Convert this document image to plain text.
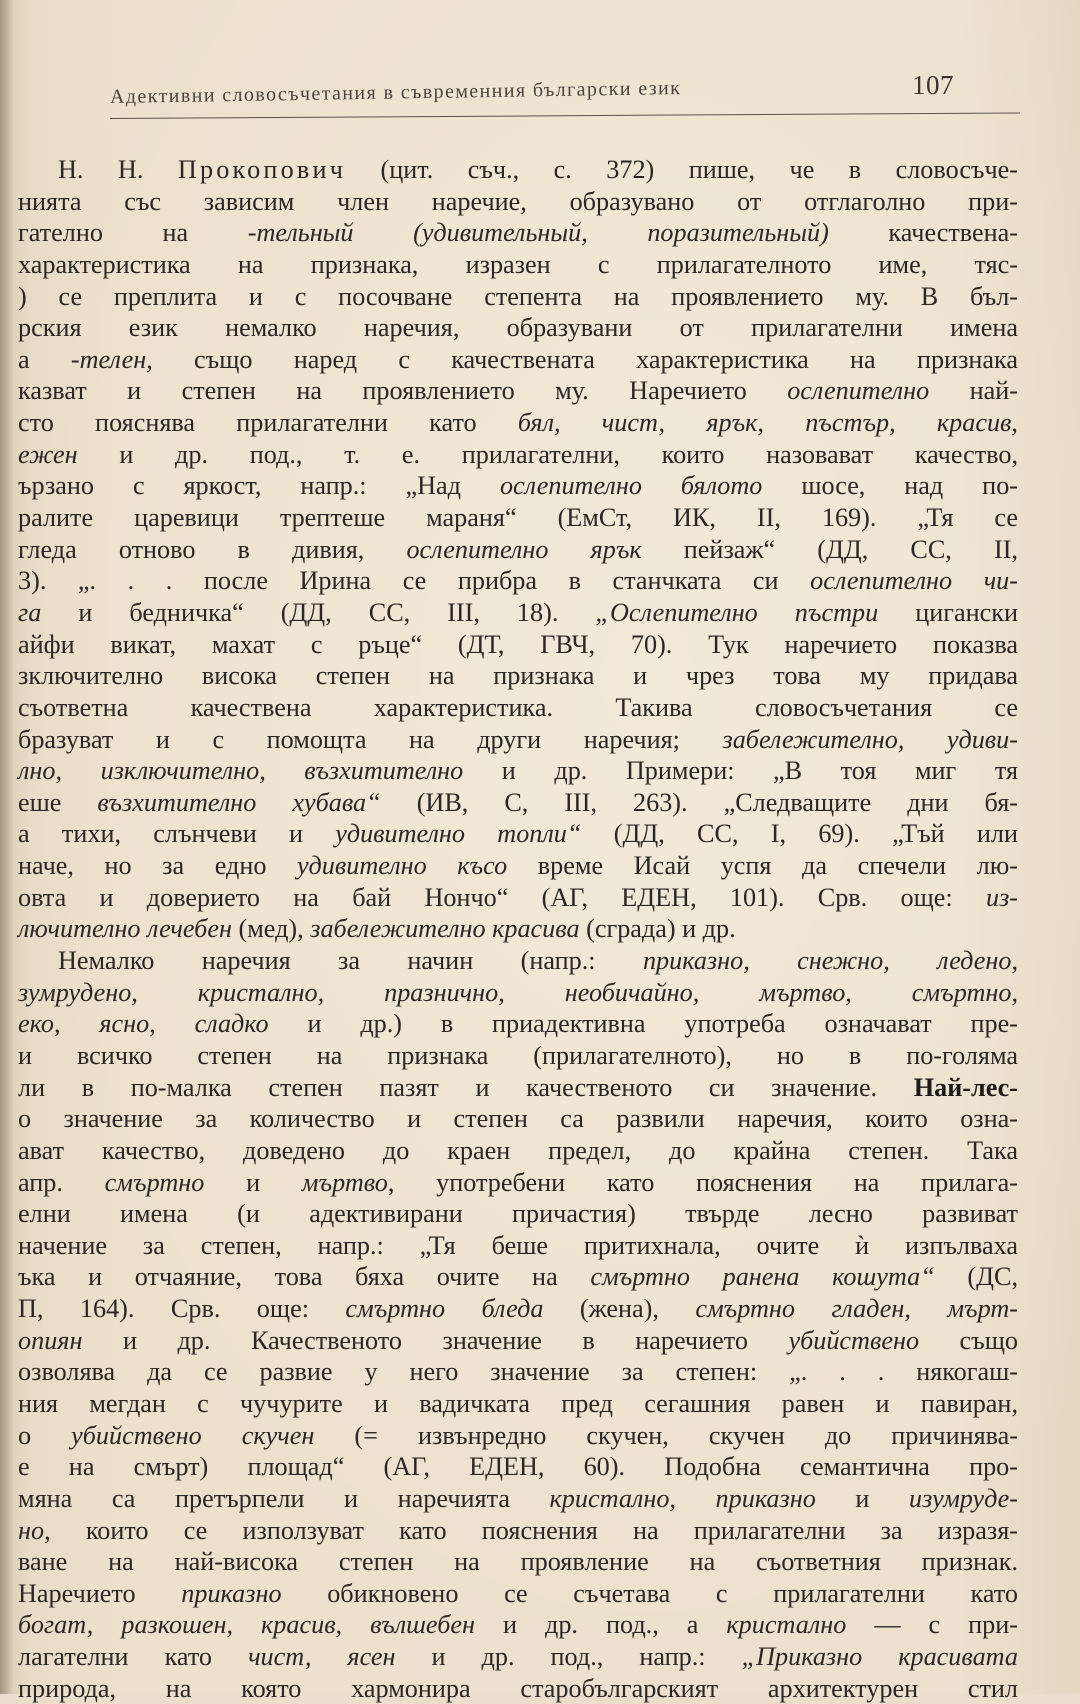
Адективни словосъчетания в съвременния български език	107
Н. Н. Прокопович (цит. съч., с. 372) пише, че в словосъче-
нията със зависим член наречие, образувано от отглаголно при-
гателно на -тельный (удивительный, поразительный) качествена-
характеристика на признака, изразен с прилагателното име, тяс-
) се преплита и с посочване степента на проявлението му. В бъл-
рския език немалко наречия, образувани от прилагателни имена
а -телен, също наред с качествената характеристика на признака
казват и степен на проявлението му. Наречието ослепително най-
сто пояснява прилагателни като бял, чист, ярък, пъстър, красив,
ежен и др. под., т. е. прилагателни, които назовават качество,
ързано с яркост, напр.: „Над ослепително бялото шосе, над по-
ралите царевици трептеше мараня“ (ЕмСт, ИК, II, 169). „Тя се
гледа отново в дивия, ослепително ярък пейзаж“ (ДД, СС, II,
3). „. . . после Ирина се прибра в станчката си ослепително чи-
га и бедничка“ (ДД, СС, III, 18). „Ослепително пъстри цигански
айфи викат, махат с ръце“ (ДТ, ГВЧ, 70). Тук наречието показва
зключително висока степен на признака и чрез това му придава
съответна качествена характеристика. Такива словосъчетания се
бразуват и с помощта на други наречия; забележително, удиви-
лно, изключително, възхитително и др. Примери: „В тоя миг тя
еше възхитително хубава“ (ИВ, С, III, 263). „Следващите дни бя-
а тихи, слънчеви и удивително топли“ (ДД, СС, I, 69). „Тъй или
наче, но за едно удивително късо време Исай успя да спечели лю-
овта и доверието на бай Нончо“ (АГ, ЕДЕН, 101). Срв. още: из-
лючително лечебен (мед), забележително красива (сграда) и др.
Немалко наречия за начин (напр.: приказно, снежно, ледено,
зумрудено, кристално, празнично, необичайно, мъртво, смъртно,
еко, ясно, сладко и др.) в приадективна употреба означават пре-
и всичко степен на признака (прилагателното), но в по-голяма
ли в по-малка степен пазят и качественото си значение. Най-лес-
о значение за количество и степен са развили наречия, които озна-
ават качество, доведено до краен предел, до крайна степен. Така
апр. смъртно и мъртво, употребени като пояснения на прилага-
елни имена (и адективирани причастия) твърде лесно развиват
начение за степен, напр.: „Тя беше притихнала, очите ѝ изпълваха
ъка и отчаяние, това бяха очите на смъртно ранена кошута“ (ДС,
П, 164). Срв. още: смъртно бледа (жена), смъртно гладен, мърт-
опиян и др. Качественото значение в наречието убийствено също
озволява да се развие у него значение за степен: „. . . някогаш-
ния мегдан с чучурите и вадичката пред сегашния равен и павиран,
о убийствено скучен (= извънредно скучен, скучен до причинява-
е на смърт) площад“ (АГ, ЕДЕН, 60). Подобна семантична про-
мяна са претърпели и наречията кристално, приказно и изумруде-
но, които се използуват като пояснения на прилагателни за изразя-
ване на най-висока степен на проявление на съответния признак.
Наречието приказно обикновено се съчетава с прилагателни като
богат, разкошен, красив, вълшебен и др. под., а кристално — с при-
лагателни като чист, ясен и др. под., напр.: „Приказно красивата
природа, на която хармонира старобългарският архитектурен стил
